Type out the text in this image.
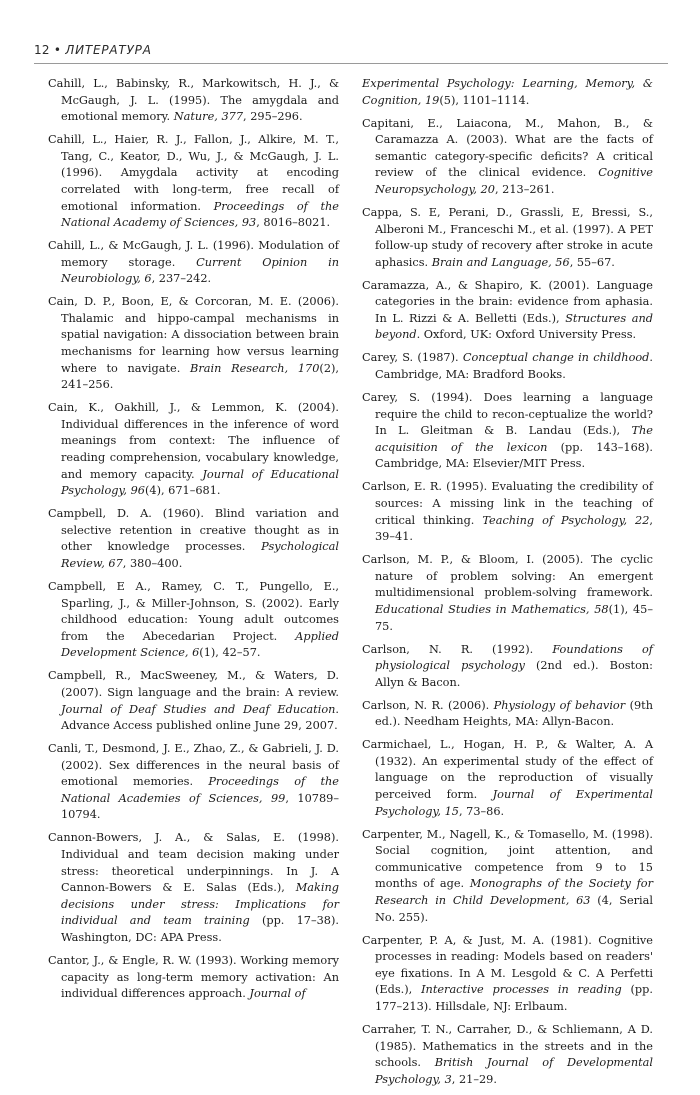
12 • ЛИТЕРАТУРА

Cahill, L., Babinsky, R., Markowitsch, H. J., & McGaugh, J. L. (1995). The amygdala and emotional memory. Nature, 377, 295–296.

Cahill, L., Haier, R. J., Fallon, J., Alkire, M. T., Tang, C., Keator, D., Wu, J., & McGaugh, J. L. (1996). Amygdala activity at encoding correlated with long-term, free recall of emotional information. Proceedings of the National Academy of Sciences, 93, 8016–8021.

Cahill, L., & McGaugh, J. L. (1996). Modulation of memory storage. Current Opinion in Neurobiology, 6, 237–242.

Cain, D. P., Boon, E, & Corcoran, M. E. (2006). Thalamic and hippo-campal mechanisms in spatial navigation: A dissociation between brain mechanisms for learning how versus learning where to navigate. Brain Research, 170(2), 241–256.

Cain, K., Oakhill, J., & Lemmon, K. (2004). Individual differences in the inference of word meanings from context: The influence of reading comprehension, vocabulary knowledge, and memory capacity. Journal of Educational Psychology, 96(4), 671–681.

Campbell, D. A. (1960). Blind variation and selective retention in creative thought as in other knowledge processes. Psychological Review, 67, 380–400.

Campbell, E A., Ramey, C. T., Pungello, E., Sparling, J., & Miller-Johnson, S. (2002). Early childhood education: Young adult outcomes from the Abecedarian Project. Applied Development Science, 6(1), 42–57.

Campbell, R., MacSweeney, M., & Waters, D. (2007). Sign language and the brain: A review. Journal of Deaf Studies and Deaf Education. Advance Access published online June 29, 2007.

Canli, T., Desmond, J. E., Zhao, Z., & Gabrieli, J. D. (2002). Sex differences in the neural basis of emotional memories. Proceedings of the National Academies of Sciences, 99, 10789–10794.

Cannon-Bowers, J. A., & Salas, E. (1998). Individual and team decision making under stress: theoretical underpinnings. In J. A Cannon-Bowers & E. Salas (Eds.), Making decisions under stress: Implications for individual and team training (pp. 17–38). Washington, DC: APA Press.

Cantor, J., & Engle, R. W. (1993). Working memory capacity as long-term memory activation: An individual differences approach. Journal of

Experimental Psychology: Learning, Memory, & Cognition, 19(5), 1101–1114.

Capitani, E., Laiacona, M., Mahon, B., & Caramazza A. (2003). What are the facts of semantic category-specific deficits? A critical review of the clinical evidence. Cognitive Neuropsychology, 20, 213–261.

Cappa, S. E, Perani, D., Grassli, E, Bressi, S., Alberoni M., Franceschi M., et al. (1997). A PET follow-up study of recovery after stroke in acute aphasics. Brain and Language, 56, 55–67.

Caramazza, A., & Shapiro, K. (2001). Language categories in the brain: evidence from aphasia. In L. Rizzi & A. Belletti (Eds.), Structures and beyond. Oxford, UK: Oxford University Press.

Carey, S. (1987). Conceptual change in childhood. Cambridge, MA: Bradford Books.

Carey, S. (1994). Does learning a language require the child to recon-ceptualize the world? In L. Gleitman & B. Landau (Eds.), The acquisition of the lexicon (pp. 143–168). Cambridge, MA: Elsevier/MIT Press.

Carlson, E. R. (1995). Evaluating the credibility of sources: A missing link in the teaching of critical thinking. Teaching of Psychology, 22, 39–41.

Carlson, M. P., & Bloom, I. (2005). The cyclic nature of problem solving: An emergent multidimensional problem-solving framework. Educational Studies in Mathematics, 58(1), 45–75.

Carlson, N. R. (1992). Foundations of physiological psychology (2nd ed.). Boston: Allyn & Bacon.

Carlson, N. R. (2006). Physiology of behavior (9th ed.). Needham Heights, MA: Allyn-Bacon.

Carmichael, L., Hogan, H. P., & Walter, A. A (1932). An experimental study of the effect of language on the reproduction of visually perceived form. Journal of Experimental Psychology, 15, 73–86.

Carpenter, M., Nagell, K., & Tomasello, M. (1998). Social cognition, joint attention, and communicative competence from 9 to 15 months of age. Monographs of the Society for Research in Child Development, 63 (4, Serial No. 255).

Carpenter, P. A, & Just, M. A. (1981). Cognitive processes in reading: Models based on readers' eye fixations. In A M. Lesgold & C. A Perfetti (Eds.), Interactive processes in reading (pp. 177–213). Hillsdale, NJ: Erlbaum.

Carraher, T. N., Carraher, D., & Schliemann, A D. (1985). Mathematics in the streets and in the schools. British Journal of Developmental Psychology, 3, 21–29.
